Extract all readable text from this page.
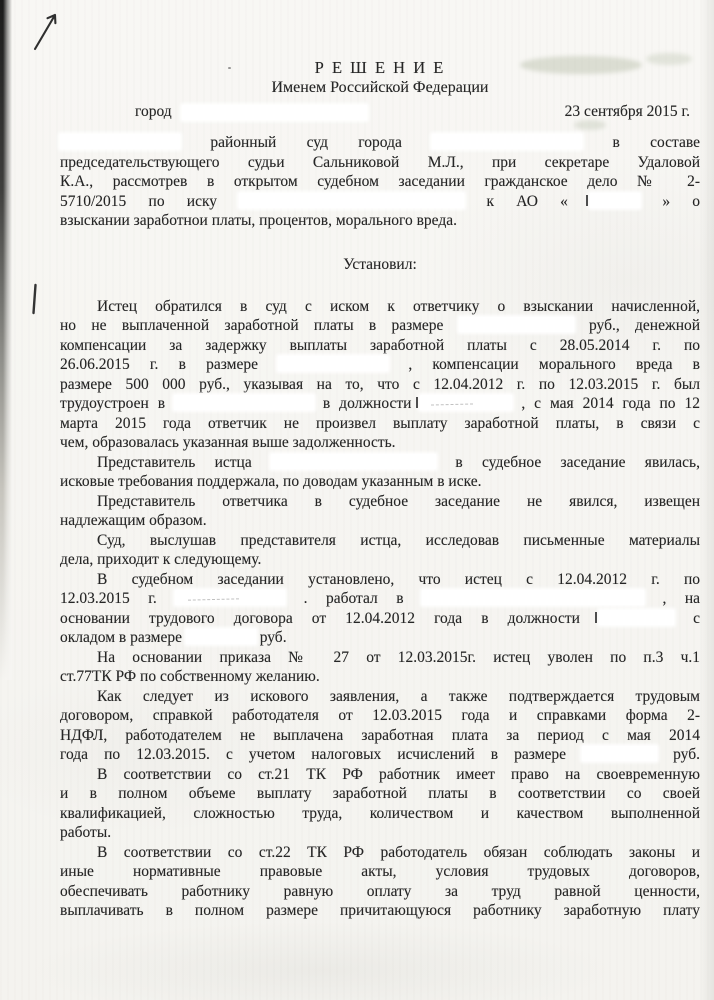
Р Е Ш Е Н И Е
Именем Российской Федерации
город	23 сентября 2015 г.
районный суд города	в составе
председательствующего судьи Сальниковой М.Л., при секретаре Удаловой
К.А., рассмотрев в открытом судебном заседании гражданское дело № 2-
5710/2015 по иску	к АО «	» о
взыскании заработнои платы, процентов, морального вреда.
Установил:
Истец обратился в суд с иском к ответчику о взыскании начисленной,
но не выплаченной заработной платы в размере	руб., денежной
компенсации за задержку выплаты заработной платы с 28.05.2014 г. по
26.06.2015 г. в размере	, компенсации морального вреда в
размере 500 000 руб., указывая на то, что с 12.04.2012 г. по 12.03.2015 г. был
трудоустроен в	в должности	, с мая 2014 года по 12
марта 2015 года ответчик не произвел выплату заработной платы, в связи с
чем, образовалась указанная выше задолженность.
Представитель истца	в судебное заседание явилась,
исковые требования поддержала, по доводам указанным в иске.
Представитель ответчика в судебное заседание не явился, извещен
надлежащим образом.
Суд, выслушав представителя истца, исследовав письменные материалы
дела, приходит к следующему.
В судебном заседании установлено, что истец с 12.04.2012 г. по
12.03.2015 г.	. работал в	, на
основании трудового договора от 12.04.2012 года в должности	с
окладом в размере	руб.
На основании приказа № 27 от 12.03.2015г. истец уволен по п.3 ч.1
ст.77ТК РФ по собственному желанию.
Как следует из искового заявления, а также подтверждается трудовым
договором, справкой работодателя от 12.03.2015 года и справками форма 2-
НДФЛ, работодателем не выплачена заработная плата за период с мая 2014
года по 12.03.2015. с учетом налоговых исчислений в размере	руб.
В соответствии со ст.21 ТК РФ работник имеет право на своевременную
и в полном объеме выплату заработной платы в соответствии со своей
квалификацией, сложностью труда, количеством и качеством выполненной
работы.
В соответствии со ст.22 ТК РФ работодатель обязан соблюдать законы и
иные нормативные правовые акты, условия трудовых договоров,
обеспечивать работнику равную оплату за труд равной ценности,
выплачивать в полном размере причитающуюся работнику заработную плату
